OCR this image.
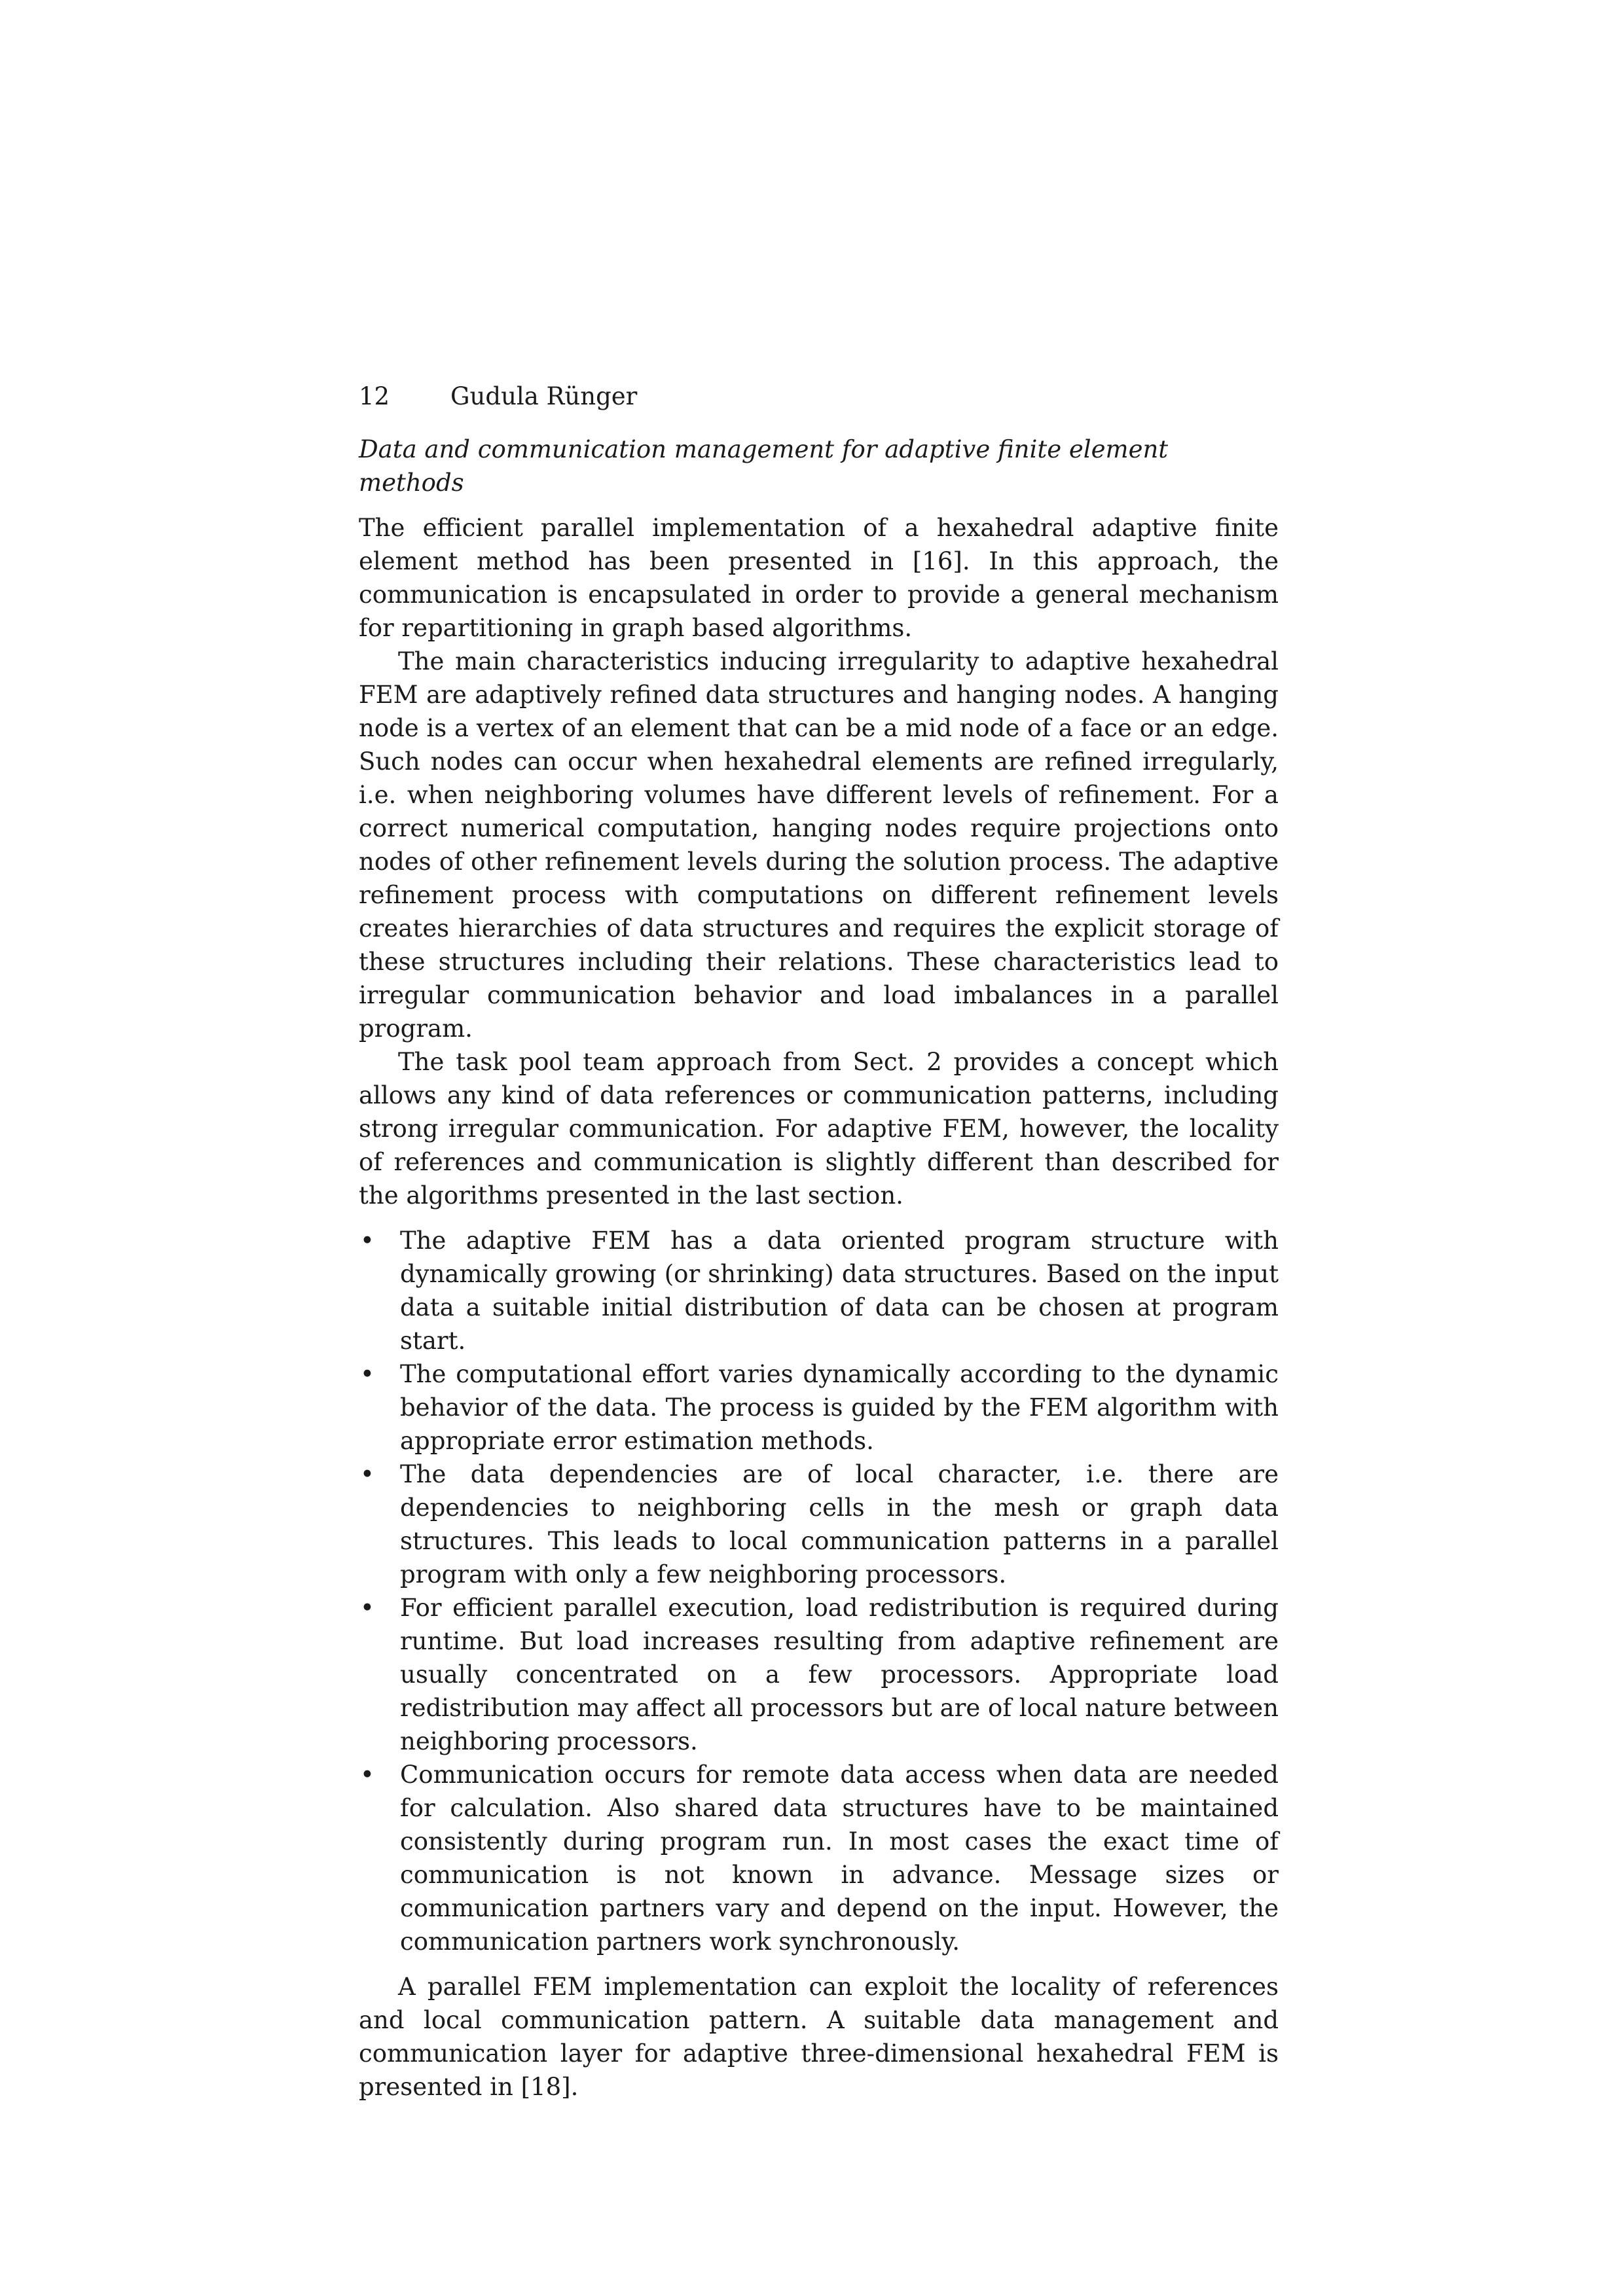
12	Gudula Rünger

Data and communication management for adaptive finite element methods

The efficient parallel implementation of a hexahedral adaptive finite element method has been presented in [16]. In this approach, the communication is encapsulated in order to provide a general mechanism for repartitioning in graph based algorithms.

The main characteristics inducing irregularity to adaptive hexahedral FEM are adaptively refined data structures and hanging nodes. A hanging node is a vertex of an element that can be a mid node of a face or an edge. Such nodes can occur when hexahedral elements are refined irregularly, i.e. when neighboring volumes have different levels of refinement. For a correct numerical computation, hanging nodes require projections onto nodes of other refinement levels during the solution process. The adaptive refinement process with computations on different refinement levels creates hierarchies of data structures and requires the explicit storage of these structures including their relations. These characteristics lead to irregular communication behavior and load imbalances in a parallel program.

The task pool team approach from Sect. 2 provides a concept which allows any kind of data references or communication patterns, including strong irregular communication. For adaptive FEM, however, the locality of references and communication is slightly different than described for the algorithms presented in the last section.

• The adaptive FEM has a data oriented program structure with dynamically growing (or shrinking) data structures. Based on the input data a suitable initial distribution of data can be chosen at program start.
• The computational effort varies dynamically according to the dynamic behavior of the data. The process is guided by the FEM algorithm with appropriate error estimation methods.
• The data dependencies are of local character, i.e. there are dependencies to neighboring cells in the mesh or graph data structures. This leads to local communication patterns in a parallel program with only a few neighboring processors.
• For efficient parallel execution, load redistribution is required during runtime. But load increases resulting from adaptive refinement are usually concentrated on a few processors. Appropriate load redistribution may affect all processors but are of local nature between neighboring processors.
• Communication occurs for remote data access when data are needed for calculation. Also shared data structures have to be maintained consistently during program run. In most cases the exact time of communication is not known in advance. Message sizes or communication partners vary and depend on the input. However, the communication partners work synchronously.

A parallel FEM implementation can exploit the locality of references and local communication pattern. A suitable data management and communication layer for adaptive three-dimensional hexahedral FEM is presented in [18].
